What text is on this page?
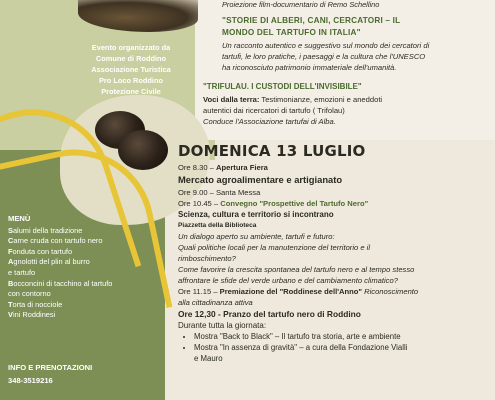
Evento organizzato da
Comune di Roddino
Associazione Turistica
Pro Loco Roddino
Protezione Civile
Proiezione film-documentario di Remo Schellino
"STORIE DI ALBERI, CANI, CERCATORI – IL
MONDO DEL TARTUFO IN ITALIA"
Un racconto autentico e suggestivo sul mondo dei cercatori di
tartufi, le loro pratiche, i paesaggi e la cultura che l'UNESCO
ha riconosciuto patrimonio immateriale dell'umanità.
"TRIFULAU. I CUSTODI DELL'INVISIBILE"
Voci dalla terra: Testimonianze, emozioni e aneddoti
autentici dai ricercatori di tartufo ( Trifolau)
Conduce l'Associazione tartufai di Alba.
MENÙ
Salumi della tradizione
Carne cruda con tartufo nero
Fonduta con tartufo
Agnolotti del plin al burro
e tartufo
Bocconcini di tacchino al tartufo
con contorno
Torta di nocciole
Vini Roddinesi
INFO E PRENOTAZIONI
348-3519216
DOMENICA 13 LUGLIO
Ore 8.30 – Apertura Fiera
Mercato agroalimentare e artigianato
Ore 9.00 – Santa Messa
Ore 10.45 – Convegno "Prospettive del Tartufo Nero"
Scienza, cultura e territorio si incontrano
Piazzetta della Biblioteca
Un dialogo aperto su ambiente, tartufi e futuro:
Quali politiche locali per la manutenzione del territorio e il
rimboschimento?
Come favorire la crescita spontanea del tartufo nero e al tempo stesso
affrontare le sfide del verde urbano e del cambiamento climatico?
Ore 11.15 – Premiazione del "Roddinese dell'Anno" Riconoscimento
alla cittadinanza attiva
Ore 12,30 - Pranzo del tartufo nero di Roddino
Durante tutta la giornata:
• Mostra "Back to Black" – Il tartufo tra storia, arte e ambiente
• Mostra "In assenza di gravità" – a cura della Fondazione Vialli
e Mauro
